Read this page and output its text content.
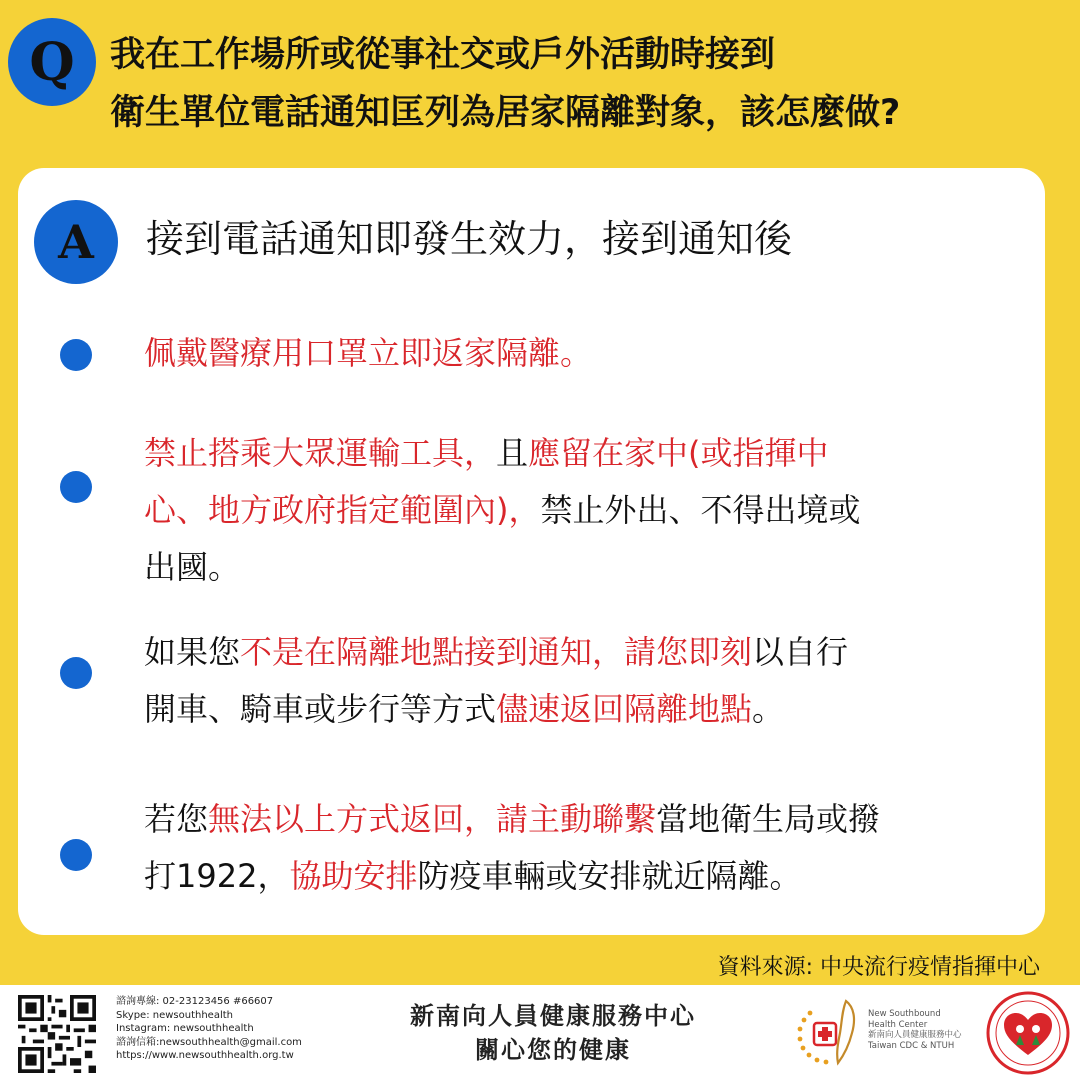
Q	我在工作場所或從事社交或戶外活動時接到
衛生單位電話通知匡列為居家隔離對象，該怎麼做?
A	接到電話通知即發生效力，接到通知後
佩戴醫療用口罩立即返家隔離。
禁止搭乘大眾運輸工具，且應留在家中(或指揮中
心、地方政府指定範圍內)，禁止外出、不得出境或
出國。
如果您不是在隔離地點接到通知，請您即刻以自行
開車、騎車或步行等方式儘速返回隔離地點。
若您無法以上方式返回，請主動聯繫當地衛生局或撥
打1922，協助安排防疫車輛或安排就近隔離。
資料來源: 中央流行疫情指揮中心
諮詢專線: 02-23123456 #66607
Skype: newsouthhealth
Instagram: newsouthhealth
諮詢信箱:newsouthhealth@gmail.com
https://www.newsouthhealth.org.tw
新南向人員健康服務中心
關心您的健康
New Southbound
Health Center
新南向人員健康服務中心
Taiwan CDC & NTUH
